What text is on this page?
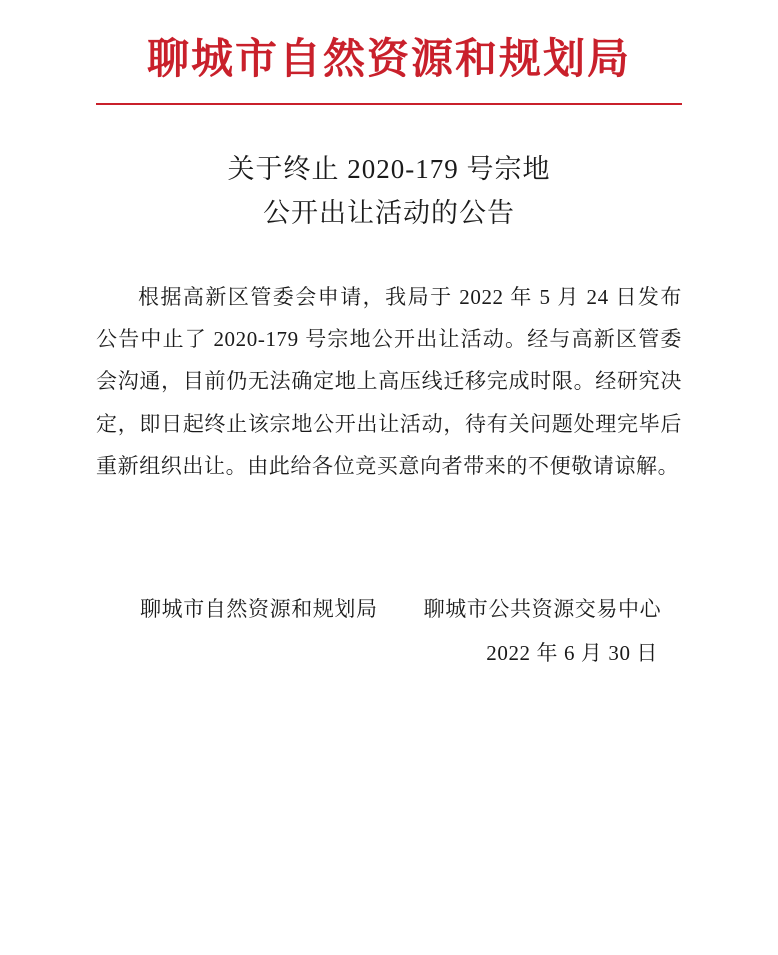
聊城市自然资源和规划局
关于终止 2020-179 号宗地
公开出让活动的公告

根据高新区管委会申请，我局于 2022 年 5 月 24 日发布公告中止了 2020-179 号宗地公开出让活动。经与高新区管委会沟通，目前仍无法确定地上高压线迁移完成时限。经研究决定，即日起终止该宗地公开出让活动，待有关问题处理完毕后重新组织出让。由此给各位竞买意向者带来的不便敬请谅解。

聊城市自然资源和规划局 聊城市公共资源交易中心
2022 年 6 月 30 日
